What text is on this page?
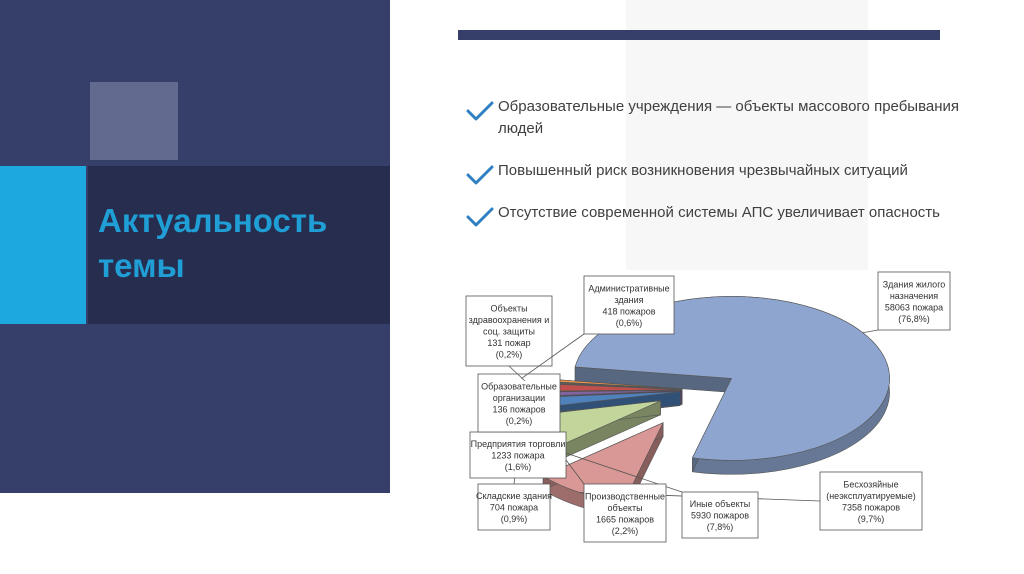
Актуальность темы
Образовательные учреждения — объекты массового пребывания людей
Повышенный риск возникновения чрезвычайных ситуаций
Отсутствие современной системы АПС увеличивает опасность
Здания жилого
назначения
58063 пожара
(76,8%)
Бесхозяйные
(неэксплуатируемые)
7358 пожаров
(9,7%)
Иные объекты
5930 пожаров
(7,8%)
Производственные
объекты
1665 пожаров
(2,2%)
Складские здания
704 пожара
(0,9%)
Предприятия торговли
1233 пожара
(1,6%)
Образовательные
организации
136 пожаров
(0,2%)
Объекты
здравоохранения и
соц. защиты
131 пожар
(0,2%)
Административные
здания
418 пожаров
(0,6%)
